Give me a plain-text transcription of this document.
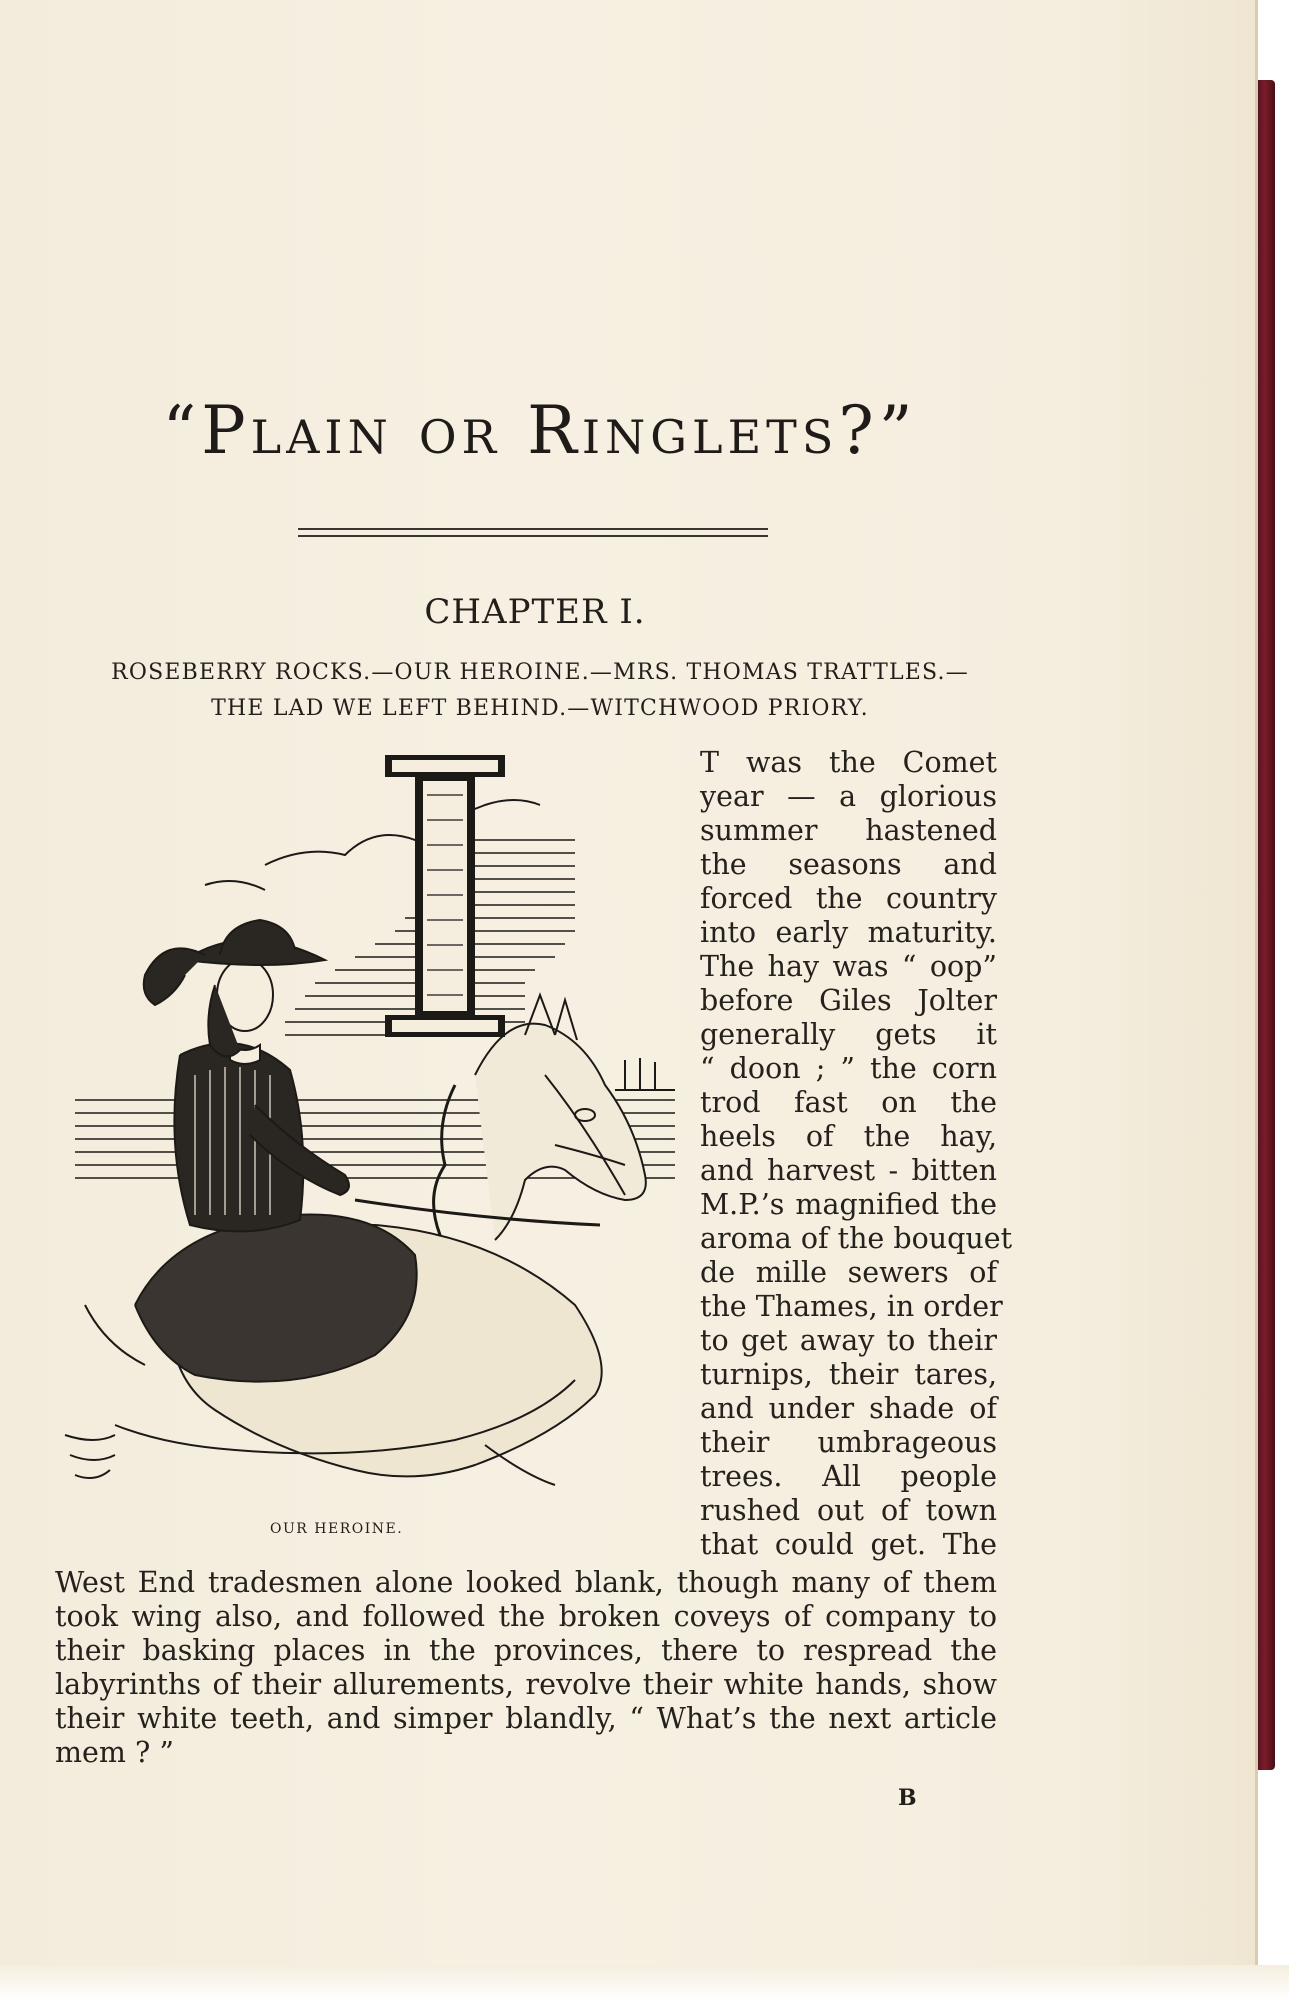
“Plain or Ringlets?”
CHAPTER I.
ROSEBERRY ROCKS.—OUR HEROINE.—MRS. THOMAS TRATTLES.—
THE LAD WE LEFT BEHIND.—WITCHWOOD PRIORY.
OUR HEROINE.
T was the Comet
year — a glorious
summer hastened
the seasons and
forced the country
into early maturity.
The hay was “ oop”
before Giles Jolter
generally gets it
“ doon ; ” the corn
trod fast on the
heels of the hay,
and harvest - bitten
M.P.’s magnified the
aroma of the bouquet
de mille sewers of
the Thames, in order
to get away to their
turnips, their tares,
and under shade of
their umbrageous
trees. All people
rushed out of town
that could get. The
West End tradesmen alone looked blank, though many of them
took wing also, and followed the broken coveys of company to
their basking places in the provinces, there to respread the
labyrinths of their allurements, revolve their white hands, show
their white teeth, and simper blandly, “ What’s the next article
mem ? ”
B
